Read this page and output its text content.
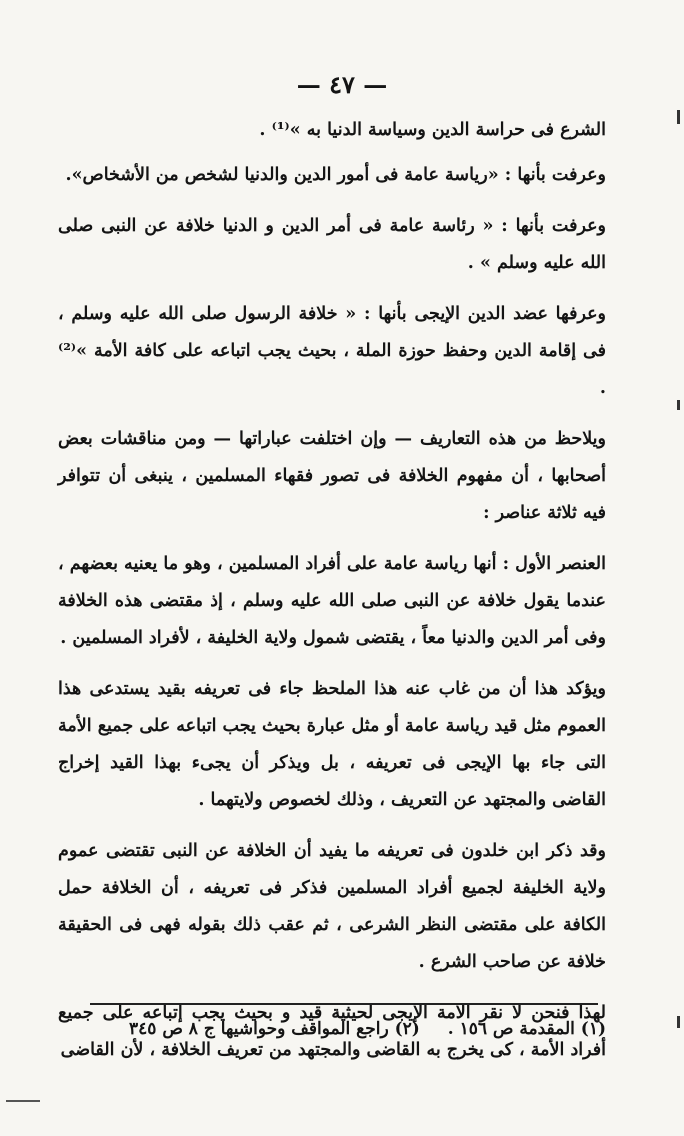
— ٤٧ —

الشرع فى حراسة الدين وسياسة الدنيا به »⁽¹⁾ .

وعرفت بأنها : «رياسة عامة فى أمور الدين والدنيا لشخص من الأشخاص».

وعرفت بأنها : « رئاسة عامة فى أمر الدين و الدنيا خلافة عن النبى صلى الله عليه وسلم » .

وعرفها عضد الدين الإيجى بأنها : « خلافة الرسول صلى الله عليه وسلم ، فى إقامة الدين وحفظ حوزة الملة ، بحيث يجب اتباعه على كافة الأمة »⁽²⁾ .

ويلاحظ من هذه التعاريف — وإن اختلفت عباراتها — ومن مناقشات بعض أصحابها ، أن مفهوم الخلافة فى تصور فقهاء المسلمين ، ينبغى أن تتوافر فيه ثلاثة عناصر :

العنصر الأول : أنها رياسة عامة على أفراد المسلمين ، وهو ما يعنيه بعضهم ، عندما يقول خلافة عن النبى صلى الله عليه وسلم ، إذ مقتضى هذه الخلافة وفى أمر الدين والدنيا معاً ، يقتضى شمول ولاية الخليفة ، لأفراد المسلمين .

ويؤكد هذا أن من غاب عنه هذا الملحظ جاء فى تعريفه بقيد يستدعى هذا العموم مثل قيد رياسة عامة أو مثل عبارة بحيث يجب اتباعه على جميع الأمة التى جاء بها الإيجى فى تعريفه ، بل ويذكر أن يجىء بهذا القيد إخراج القاضى والمجتهد عن التعريف ، وذلك لخصوص ولايتهما .

وقد ذكر ابن خلدون فى تعريفه ما يفيد أن الخلافة عن النبى تقتضى عموم ولاية الخليفة لجميع أفراد المسلمين فذكر فى تعريفه ، أن الخلافة حمل الكافة على مقتضى النظر الشرعى ، ثم عقب ذلك بقوله فهى فى الحقيقة خلافة عن صاحب الشرع .

لهذا فنحن لا نقر الامة الإيجى لحيثية قيد و بحيث يجب إتباعه على جميع أفراد الأمة ، كى يخرج به القاضى والمجتهد من تعريف الخلافة ، لأن القاضى

(١) المقدمة ص ١٥٦ . (٢) راجع المواقف وحواشيها ج ٨ ص ٣٤٥
